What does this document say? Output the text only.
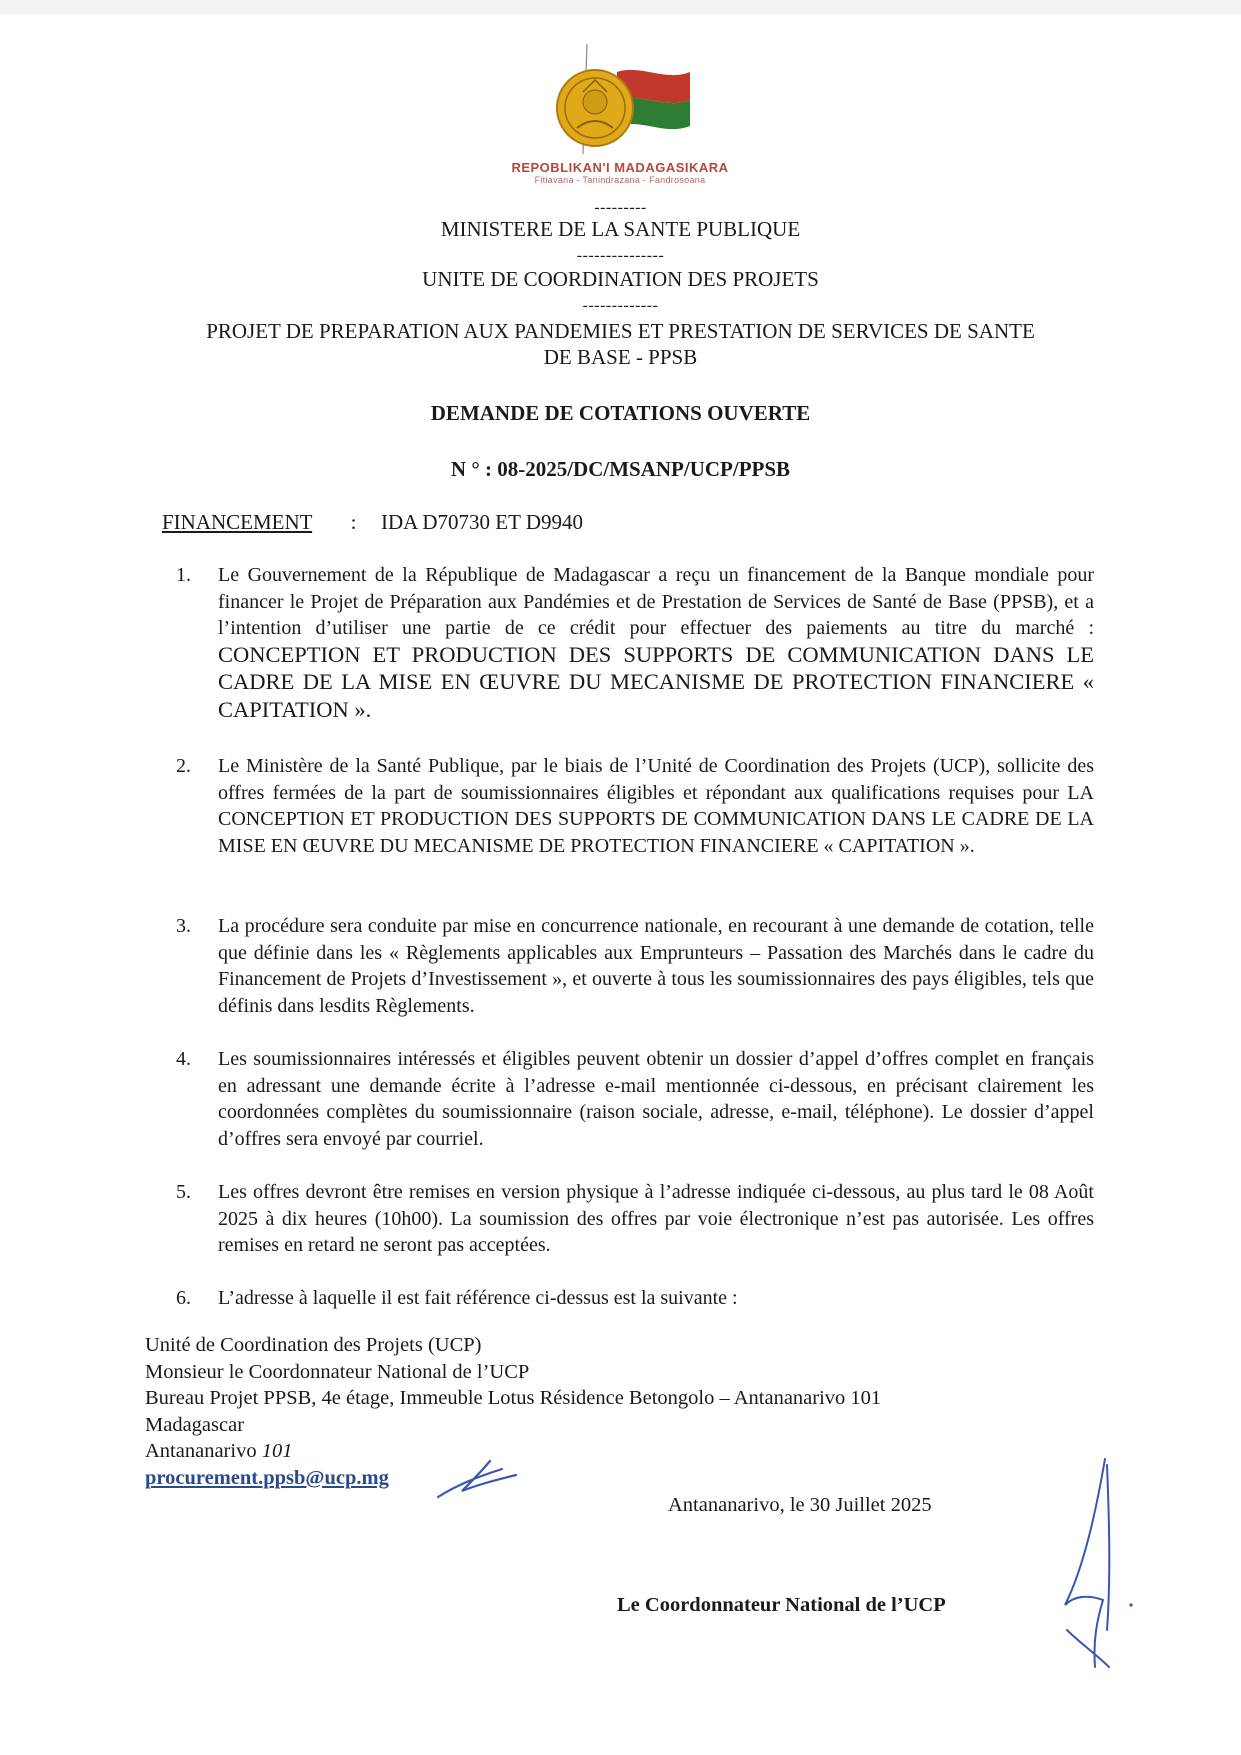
REPOBLIKAN'I MADAGASIKARA
Fitiavana - Tanindrazana - Fandrosoana
---------
MINISTERE DE LA SANTE PUBLIQUE
---------------
UNITE DE COORDINATION DES PROJETS
-------------
PROJET DE PREPARATION AUX PANDEMIES ET PRESTATION DE SERVICES DE SANTE
DE BASE - PPSB
DEMANDE DE COTATIONS OUVERTE
N ° : 08-2025/DC/MSANP/UCP/PPSB
FINANCEMENT : IDA D70730 ET D9940
1. Le Gouvernement de la République de Madagascar a reçu un financement de la Banque mondiale pour financer le Projet de Préparation aux Pandémies et de Prestation de Services de Santé de Base (PPSB), et a l’intention d’utiliser une partie de ce crédit pour effectuer des paiements au titre du marché : CONCEPTION ET PRODUCTION DES SUPPORTS DE COMMUNICATION DANS LE CADRE DE LA MISE EN ŒUVRE DU MECANISME DE PROTECTION FINANCIERE « CAPITATION ».
2. Le Ministère de la Santé Publique, par le biais de l’Unité de Coordination des Projets (UCP), sollicite des offres fermées de la part de soumissionnaires éligibles et répondant aux qualifications requises pour LA CONCEPTION ET PRODUCTION DES SUPPORTS DE COMMUNICATION DANS LE CADRE DE LA MISE EN ŒUVRE DU MECANISME DE PROTECTION FINANCIERE « CAPITATION ».
3. La procédure sera conduite par mise en concurrence nationale, en recourant à une demande de cotation, telle que définie dans les « Règlements applicables aux Emprunteurs – Passation des Marchés dans le cadre du Financement de Projets d’Investissement », et ouverte à tous les soumissionnaires des pays éligibles, tels que définis dans lesdits Règlements.
4. Les soumissionnaires intéressés et éligibles peuvent obtenir un dossier d’appel d’offres complet en français en adressant une demande écrite à l’adresse e-mail mentionnée ci-dessous, en précisant clairement les coordonnées complètes du soumissionnaire (raison sociale, adresse, e-mail, téléphone). Le dossier d’appel d’offres sera envoyé par courriel.
5. Les offres devront être remises en version physique à l’adresse indiquée ci-dessous, au plus tard le 08 Août 2025 à dix heures (10h00). La soumission des offres par voie électronique n’est pas autorisée. Les offres remises en retard ne seront pas acceptées.
6. L’adresse à laquelle il est fait référence ci-dessus est la suivante :
Unité de Coordination des Projets (UCP)
Monsieur le Coordonnateur National de l’UCP
Bureau Projet PPSB, 4e étage, Immeuble Lotus Résidence Betongolo – Antananarivo 101
Madagascar
Antananarivo 101
procurement.ppsb@ucp.mg
Antananarivo, le 30 Juillet 2025
Le Coordonnateur National de l’UCP
